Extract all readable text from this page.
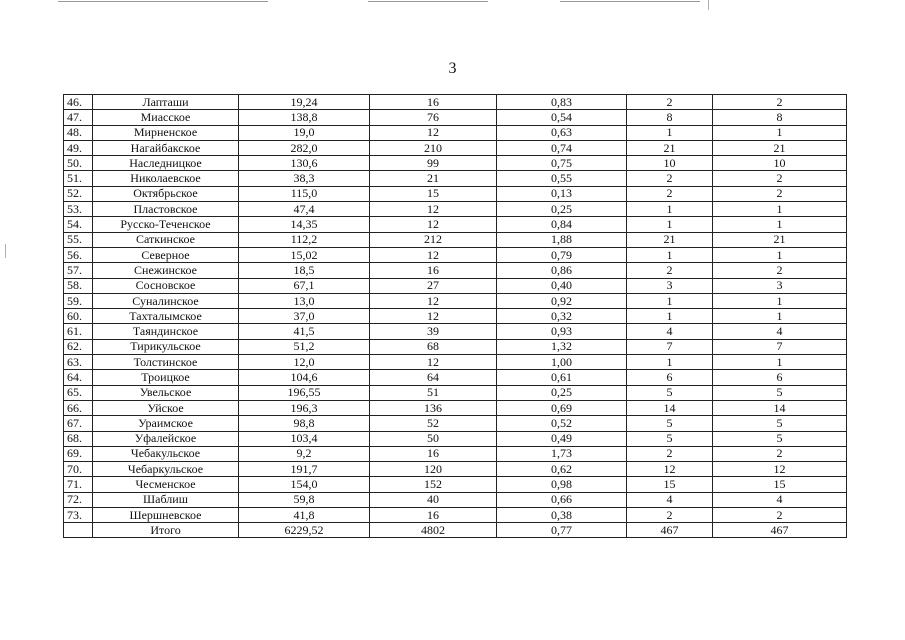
3
46.	Лапташи	19,24	16	0,83	2	2
47.	Миасское	138,8	76	0,54	8	8
48.	Мирненское	19,0	12	0,63	1	1
49.	Нагайбакское	282,0	210	0,74	21	21
50.	Наследницкое	130,6	99	0,75	10	10
51.	Николаевское	38,3	21	0,55	2	2
52.	Октябрьское	115,0	15	0,13	2	2
53.	Пластовское	47,4	12	0,25	1	1
54.	Русско-Теченское	14,35	12	0,84	1	1
55.	Саткинское	112,2	212	1,88	21	21
56.	Северное	15,02	12	0,79	1	1
57.	Снежинское	18,5	16	0,86	2	2
58.	Сосновское	67,1	27	0,40	3	3
59.	Суналинское	13,0	12	0,92	1	1
60.	Тахталымское	37,0	12	0,32	1	1
61.	Таяндинское	41,5	39	0,93	4	4
62.	Тирикульское	51,2	68	1,32	7	7
63.	Толстинское	12,0	12	1,00	1	1
64.	Троицкое	104,6	64	0,61	6	6
65.	Увельское	196,55	51	0,25	5	5
66.	Уйское	196,3	136	0,69	14	14
67.	Ураимское	98,8	52	0,52	5	5
68.	Уфалейское	103,4	50	0,49	5	5
69.	Чебакульское	9,2	16	1,73	2	2
70.	Чебаркульское	191,7	120	0,62	12	12
71.	Чесменское	154,0	152	0,98	15	15
72.	Шаблиш	59,8	40	0,66	4	4
73.	Шершневское	41,8	16	0,38	2	2
	Итого	6229,52	4802	0,77	467	467
